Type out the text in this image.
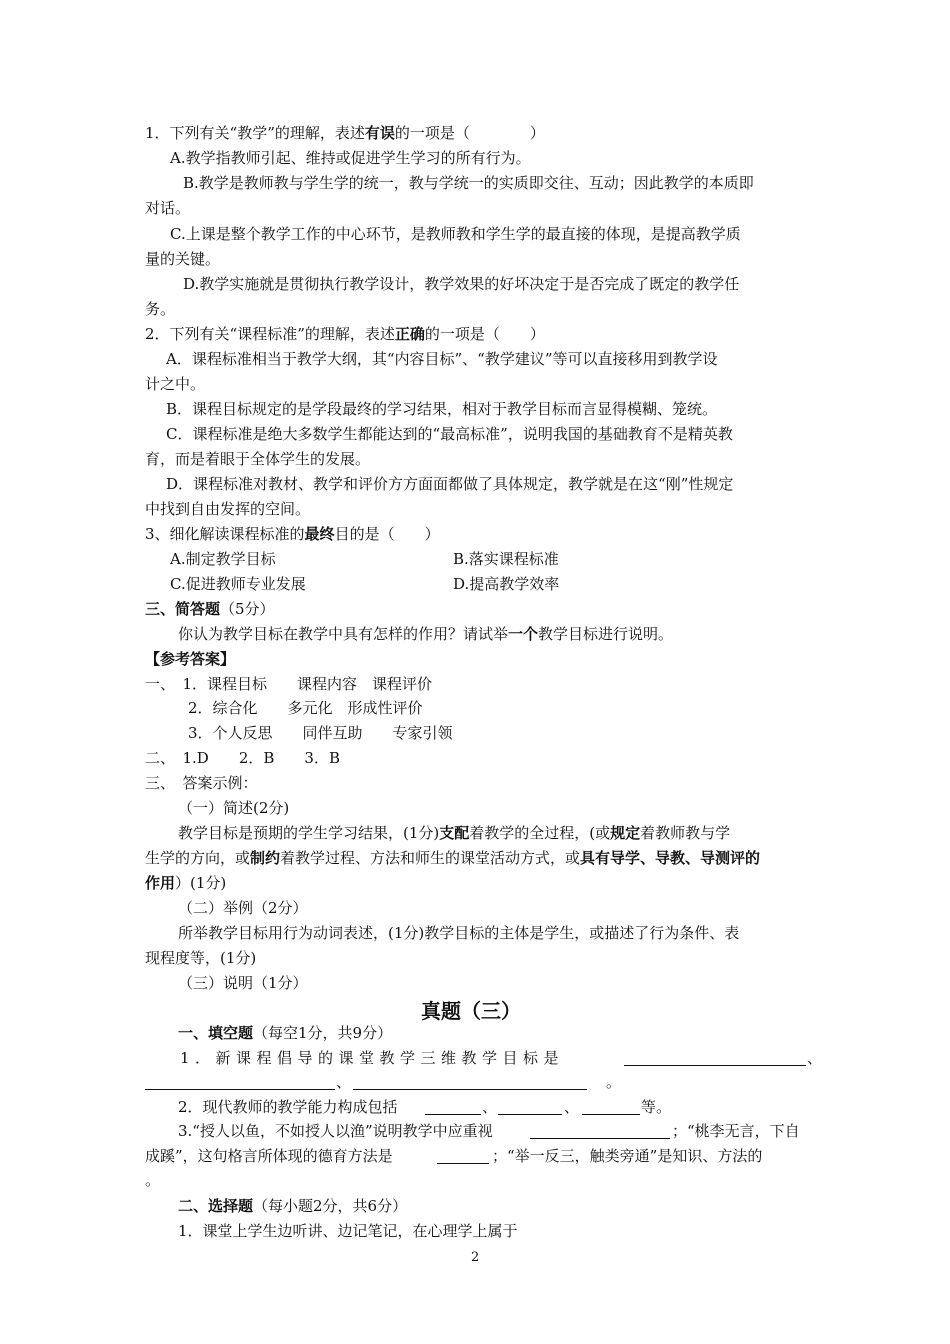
1．下列有关“教学”的理解，表述有误的一项是（　　　　）
A.教学指教师引起、维持或促进学生学习的所有行为。
B.教学是教师教与学生学的统一，教与学统一的实质即交往、互动；因此教学的本质即
对话。
C.上课是整个教学工作的中心环节，是教师教和学生学的最直接的体现，是提高教学质
量的关键。
D.教学实施就是贯彻执行教学设计，教学效果的好坏决定于是否完成了既定的教学任
务。
2．下列有关“课程标准”的理解，表述正确的一项是（　　）
A．课程标准相当于教学大纲，其“内容目标”、“教学建议”等可以直接移用到教学设
计之中。
B．课程目标规定的是学段最终的学习结果，相对于教学目标而言显得模糊、笼统。
C．课程标准是绝大多数学生都能达到的“最高标准”，说明我国的基础教育不是精英教
育，而是着眼于全体学生的发展。
D．课程标准对教材、教学和评价方方面面都做了具体规定，教学就是在这“刚”性规定
中找到自由发挥的空间。
3、细化解读课程标准的最终目的是（　　）
A.制定教学目标	B.落实课程标准
C.促进教师专业发展	D.提高教学效率
三、简答题（5分）
你认为教学目标在教学中具有怎样的作用？请试举一个教学目标进行说明。
【参考答案】
一、　1．课程目标　　课程内容　课程评价
2．综合化　　多元化　形成性评价
3．个人反思　　同伴互助　　专家引领
二、　1.D　　2．B　　3．B
三、　答案示例：
（一）简述(2分)
教学目标是预期的学生学习结果，(1分)支配着教学的全过程，(或规定着教师教与学
生学的方向，或制约着教学过程、方法和师生的课堂活动方式，或具有导学、导教、导测评的
作用）(1分)
（二）举例（2分）
所举教学目标用行为动词表述，(1分)教学目标的主体是学生，或描述了行为条件、表
现程度等，(1分)
（三）说明（1分）
真题（三）
一、填空题（每空1分，共9分）
1．新课程倡导的课堂教学三维教学目标是	、
、	。
2．现代教师的教学能力构成包括	、	、	等。
3.“授人以鱼，不如授人以渔”说明教学中应重视	；“桃李无言，下自
成蹊”，这句格言所体现的德育方法是	；“举一反三，触类旁通”是知识、方法的
。
二、选择题（每小题2分，共6分）
1．课堂上学生边听讲、边记笔记，在心理学上属于
2
